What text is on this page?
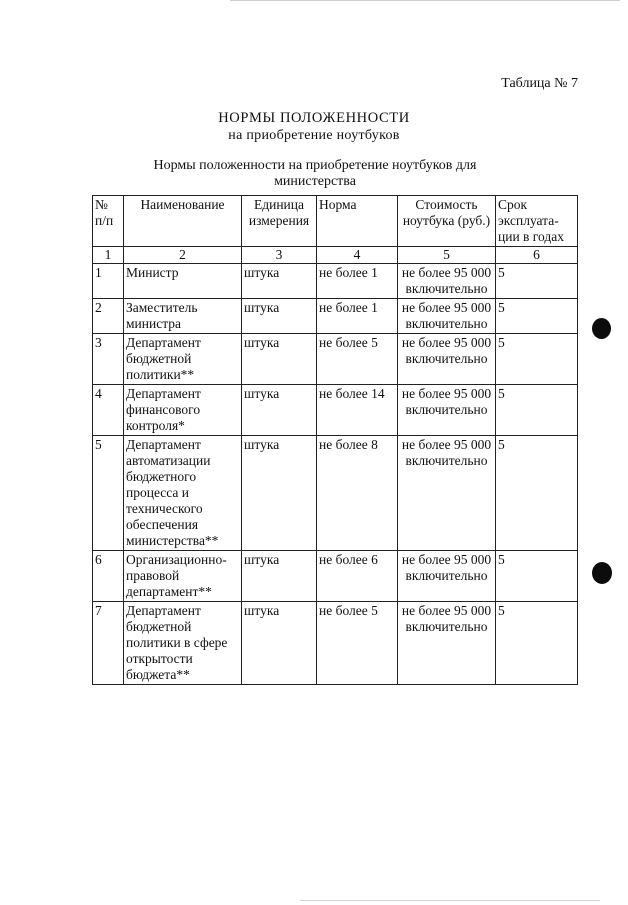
Таблица № 7
НОРМЫ ПОЛОЖЕННОСТИ
на приобретение ноутбуков
Нормы положенности на приобретение ноутбуков для министерства
№ п/п	Наименование	Единица измерения	Норма	Стоимость ноутбука (руб.)	Срок эксплуата-ции в годах
1	2	3	4	5	6
1	Министр	штука	не более 1	не более 95 000 включительно	5
2	Заместитель министра	штука	не более 1	не более 95 000 включительно	5
3	Департамент бюджетной политики**	штука	не более 5	не более 95 000 включительно	5
4	Департамент финансового контроля*	штука	не более 14	не более 95 000 включительно	5
5	Департамент автоматизации бюджетного процесса и технического обеспечения министерства**	штука	не более 8	не более 95 000 включительно	5
6	Организационно-правовой департамент**	штука	не более 6	не более 95 000 включительно	5
7	Департамент бюджетной политики в сфере открытости бюджета**	штука	не более 5	не более 95 000 включительно	5
